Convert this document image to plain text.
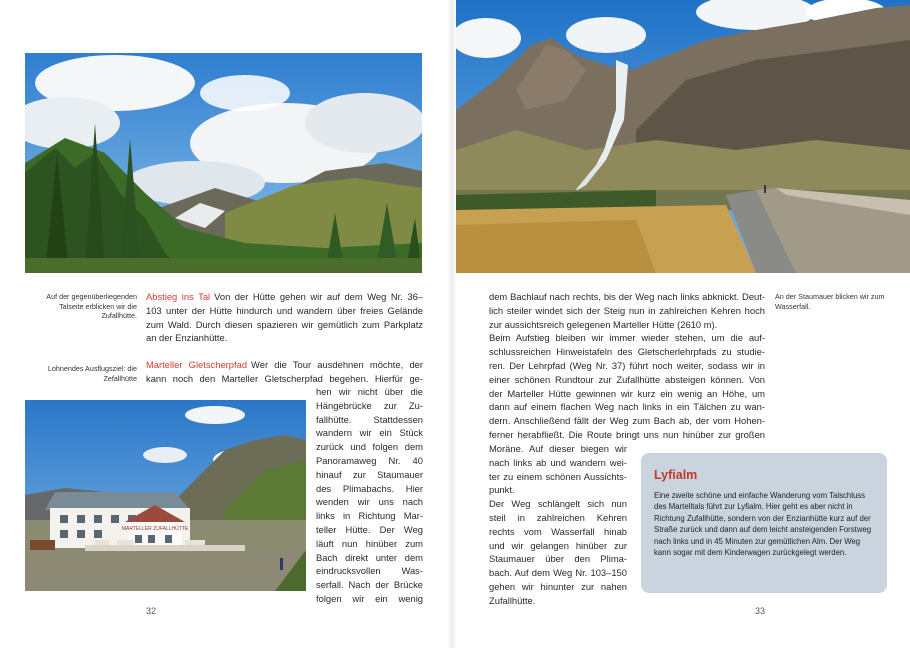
MARTELLER ZUFALLHÜTTE
Auf der gegenüberliegenden Talseite erblicken wir die Zufallhütte.
Lohnendes Ausflugsziel: die Zefallhütte
Abstieg ins Tal Von der Hütte gehen wir auf dem Weg Nr. 36–
103 unter der Hütte hindurch und wandern über freies Gelände
zum Wald. Durch diesen spazieren wir gemütlich zum Parkplatz
an der Enzianhütte.
Marteller Gletscherpfad Wer die Tour ausdehnen möchte, der
kann noch den Marteller Gletscherpfad begehen. Hierfür ge-
hen wir nicht über die
Hängebrücke zur Zu-
fallhütte. Stattdessen
wandern wir ein Stück
zurück und folgen dem
Panoramaweg Nr. 40
hinauf zur Staumauer
des Plimabachs. Hier
wenden wir uns nach
links in Richtung Mar-
teller Hütte. Der Weg
läuft nun hinüber zum
Bach direkt unter dem
eindrucksvollen Was-
serfall. Nach der Brücke
folgen wir ein wenig
32
dem Bachlauf nach rechts, bis der Weg nach links abknickt. Deut-
lich steiler windet sich der Steig nun in zahlreichen Kehren hoch
zur aussichtsreich gelegenen Marteller Hütte (2610 m).
Beim Aufstieg bleiben wir immer wieder stehen, um die auf-
schlussreichen Hinweistafeln des Gletscherlehrpfads zu studie-
ren. Der Lehrpfad (Weg Nr. 37) führt noch weiter, sodass wir in
einer schönen Rundtour zur Zufallhütte absteigen können. Von
der Marteller Hütte gewinnen wir kurz ein wenig an Höhe, um
dann auf einem flachen Weg nach links in ein Tälchen zu wan-
dern. Anschließend fällt der Weg zum Bach ab, der vom Hohen-
ferner herabfließt. Die Route bringt uns nun hinüber zur großen
Moräne. Auf dieser biegen wir
nach links ab und wandern wei-
ter zu einem schönen Aussichts-
punkt.
Der Weg schlängelt sich nun
steil in zahlreichen Kehren
rechts vom Wasserfall hinab
und wir gelangen hinüber zur
Staumauer über den Plima-
bach. Auf dem Weg Nr. 103–150
gehen wir hinunter zur nahen
Zufallhütte.
An der Staumauer blicken wir zum Wasserfall.
Lyfialm

Eine zweite schöne und einfache Wanderung vom Talschluss des Martelltals führt zur Lyfialm. Hier geht es aber nicht in Richtung Zufallhütte, sondern von der Enzianhütte kurz auf der Straße zurück und dann auf dem leicht ansteigenden Forstweg nach links und in 45 Minuten zur gemütlichen Alm. Der Weg kann sogar mit dem Kinderwagen zurückgelegt werden.

33
